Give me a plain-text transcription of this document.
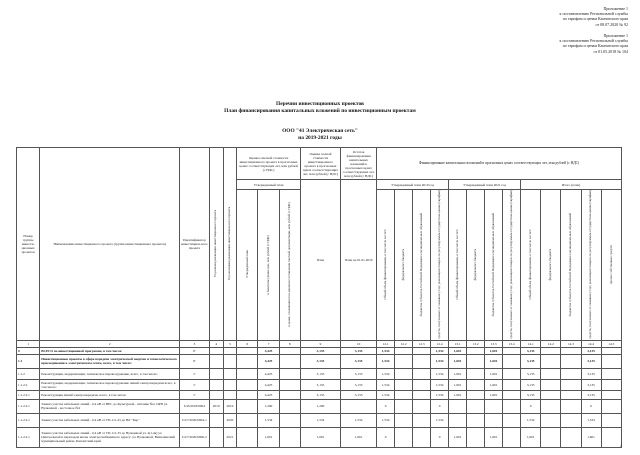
Приложение 1
к постановлению Региональной службы
по тарифам и ценам Камчатского края
от 08.07.2020 № 92
Приложение 1
к постановлению Региональной службы
по тарифам и ценам Камчатского края
от 01.05.2018 № 104
Перечни инвестиционных проектов
План финансирования капитальных вложений по инвестиционным проектам
ООО "41 Электрическая сеть"
на 2019-2021 годы
Номер группы инвести-ционных проектов	Наименование инвестиционного проекта (группы инвестиционных проектов)	Идентификатор инвестицион-ного проекта	Год начала реализации инвестиционного проекта	Год окончания реализации инвестицион-ного проекта	Оценка сметной стоимости инвестиционного проекта в прогнозных ценах соответствующих лет, млн рублей (с НДС)			Оценка полной стоимости инвестиционного проекта в прогнозных ценах соответствующих лет, млн рублей (с НДС)	Остаток финансирования капитальных вложений в прогнозных ценах соответствующих лет, млн рублей (с НДС)	Финансирование капитальных вложений в прогнозных ценах соответствующих лет, млн рублей (с НДС)												
					Утвержденный план			План	План на 01.01.2019	Утвержденный план 2019 год				Утвержденный план 2021 год				Итого (план)				
					Утвержденный план	в базисном уровне цен, млн рублей (с НДС)	в ценах, сложившихся ко времени составления сметной документации, млн рублей (с НДС)			Общий объем финансирования, в том числе за счет:	федерального бюджета	бюджетов субъектов Российской Федерации и муниципальных образований	средств, полученных от оказания услуг, реализации товаров по регулируемым государством ценам (тарифам)	Общий объем финансирования, в том числе за счет:	федерального бюджета	бюджетов субъектов Российской Федерации и муниципальных образований	средств, полученных от оказания услуг, реализации товаров по регулируемым государством ценам (тарифам)	Общий объем финансирования, в том числе за счет:	федерального бюджета	бюджетов субъектов Российской Федерации и муниципальных образований	средств, полученных от оказания услуг, реализации товаров по регулируемым государством ценам (тарифам)	прочих собственных средств
1	2	3	4	5	6	7	8	9	10	12.1	12.2	12.3	12.4	13.1	13.2	13.3	13.4	14.1	14.2	14.3	14.4	14.5
0	ВСЕГО по инвестиционной программе, в том числе:	Г				4,425		3,135	3,135	1,534			1,534	1,601		1,601		3,135			3,135	
1.1	Инвестиционные проекты в сфере передачи электрической энергии и технологического присоединения к электрическим сетям, всего, в том числе:	Г				4,425		3,135	3,135	1,534			1,534	1,601		1,601		3,135			3,135	
1.1.2	Реконструкция, модернизация, техническое перевооружение, всего, в том числе:	Г				4,425		3,135	3,135	1,534			1,534	1,601		1,601		3,135			3,135	
1.1.2.2	Реконструкция, модернизация, техническое перевооружение линий электропередачи всего, в том числе:	Г				4,425		3,135	3,135	1,534			1,534	1,601		1,601		3,135			3,135	
1.1.2.2.1	Реконструкция линий электропередачи, всего, в том числе:	Г				4,425		3,135	3,135	1,534			1,534	1,601		1,601		3,135			3,135	
1.1.2.2.1	Замена участка кабельных линий - 0,4 кВ от ВРС до Культурной - питание №2, ЦРП ул. Вулканной - восточное №2	I/43/2018/0004	2019	2019		1,290		1,290		0			0					0			0	
1.1.2.2.1	Замена участка кабельных линий - 0,4 кВ от ТП-111-25 до ВЛ "Кар"	I/4/7/2020/0004-1		2020		1,534		1,534	1,534	1,534			1,534					1,534			1,534	
1.1.2.2.1	Замена участка кабельных линий - 0,4 кВ от ТП-111-35 до Вулканной ул. 4(1,4к) ул. Центральной и переходом вновь электроснабжения по адресу: ул. Вулканной, Вилючинский муниципальный район, Камчатский край	I/4/7/2020/0006-2		2021		1,601		1,601	1,601	0			0	1,601		1,601		1,601			1,601	
4
